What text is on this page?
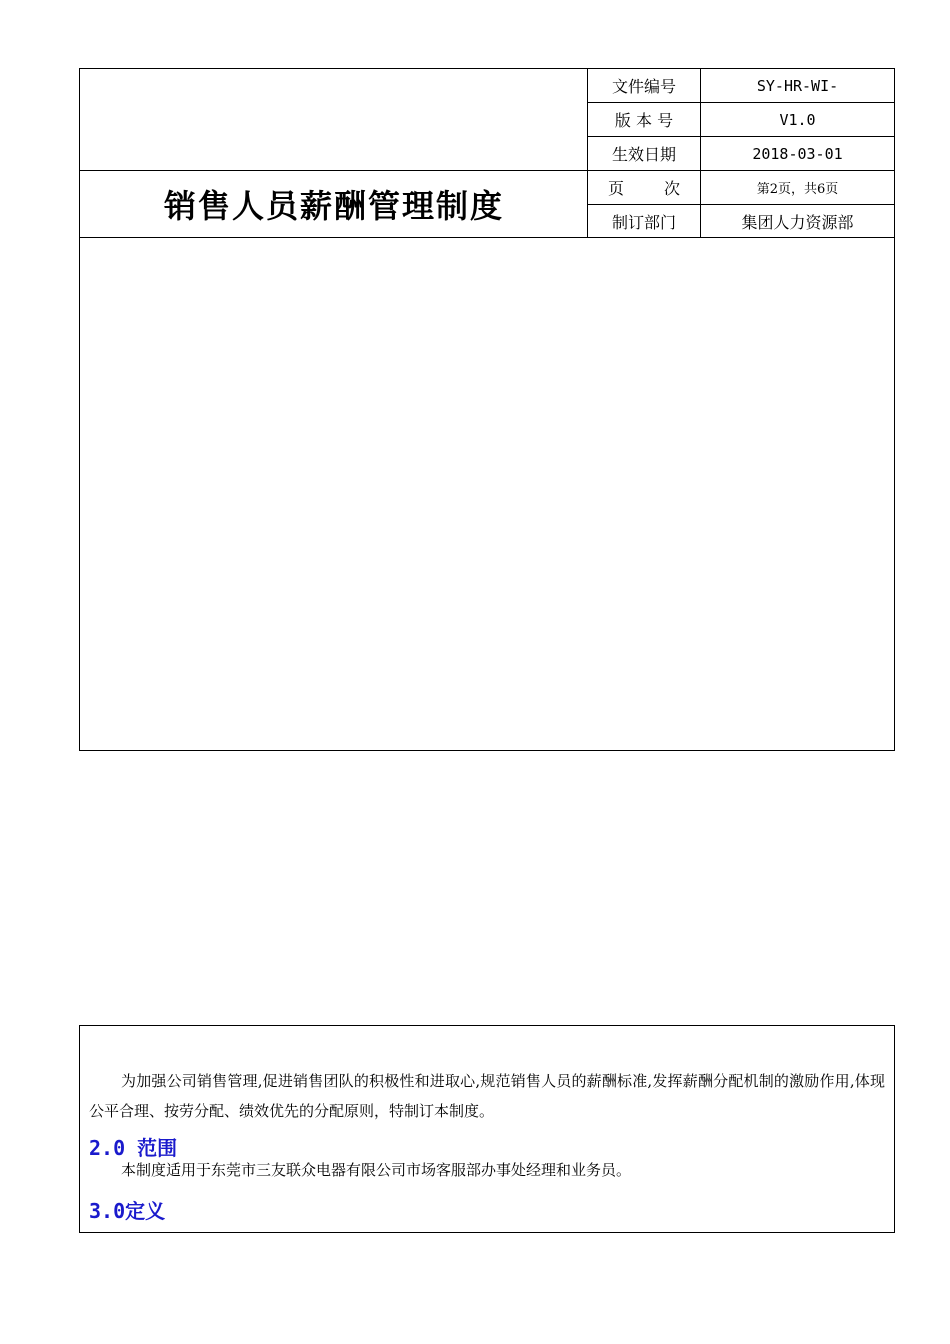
销售人员薪酬管理制度
文件编号	SY-HR-WI-
版 本 号	V1.0
生效日期	2018-03-01
页 次	第2页，共6页
制订部门	集团人力资源部
为加强公司销售管理,促进销售团队的积极性和进取心,规范销售人员的薪酬标准,发挥薪酬分配机制的激励作用,体现公平合理、按劳分配、绩效优先的分配原则，特制订本制度。
2.0 范围
本制度适用于东莞市三友联众电器有限公司市场客服部办事处经理和业务员。
3.0定义
